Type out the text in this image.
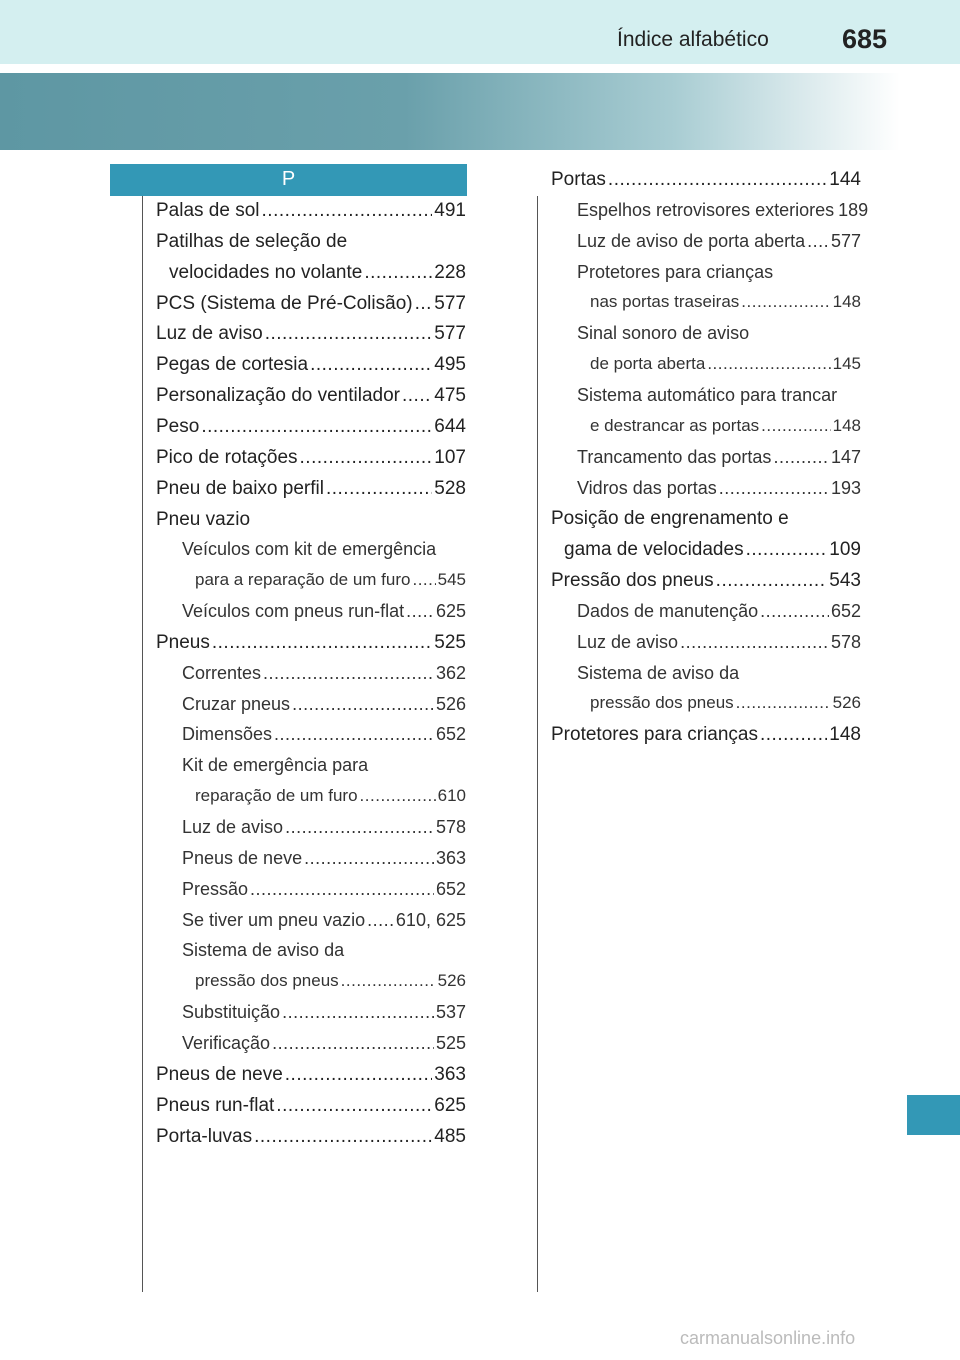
Índice alfabético	685
P
Palas de sol .....	491
Patilhas de seleção de
velocidades no volante .....	228
PCS (Sistema de Pré-Colisão) ..... 577
Luz de aviso .....	577
Pegas de cortesia .....	495
Personalização do ventilador ..... 475
Peso .....	644
Pico de rotações .....	107
Pneu de baixo perfil .....	528
Pneu vazio
Veículos com kit de emergência
para a reparação de um furo ..... 545
Veículos com pneus run-flat ..... 625
Pneus .....	525
Correntes .....	362
Cruzar pneus .....	526
Dimensões .....	652
Kit de emergência para
reparação de um furo .....	610
Luz de aviso .....	578
Pneus de neve .....	363
Pressão .....	652
Se tiver um pneu vazio ..... 610, 625
Sistema de aviso da
pressão dos pneus .....	526
Substituição .....	537
Verificação .....	525
Pneus de neve .....	363
Pneus run-flat .....	625
Porta-luvas .....	485
Portas .....	144
Espelhos retrovisores exteriores 189
Luz de aviso de porta aberta ..... 577
Protetores para crianças
nas portas traseiras .....	148
Sinal sonoro de aviso
de porta aberta .....	145
Sistema automático para trancar
e destrancar as portas .....	148
Trancamento das portas .....	147
Vidros das portas .....	193
Posição de engrenamento e
gama de velocidades .....	109
Pressão dos pneus .....	543
Dados de manutenção .....	652
Luz de aviso .....	578
Sistema de aviso da
pressão dos pneus .....	526
Protetores para crianças .....	148
carmanualsonline.info
